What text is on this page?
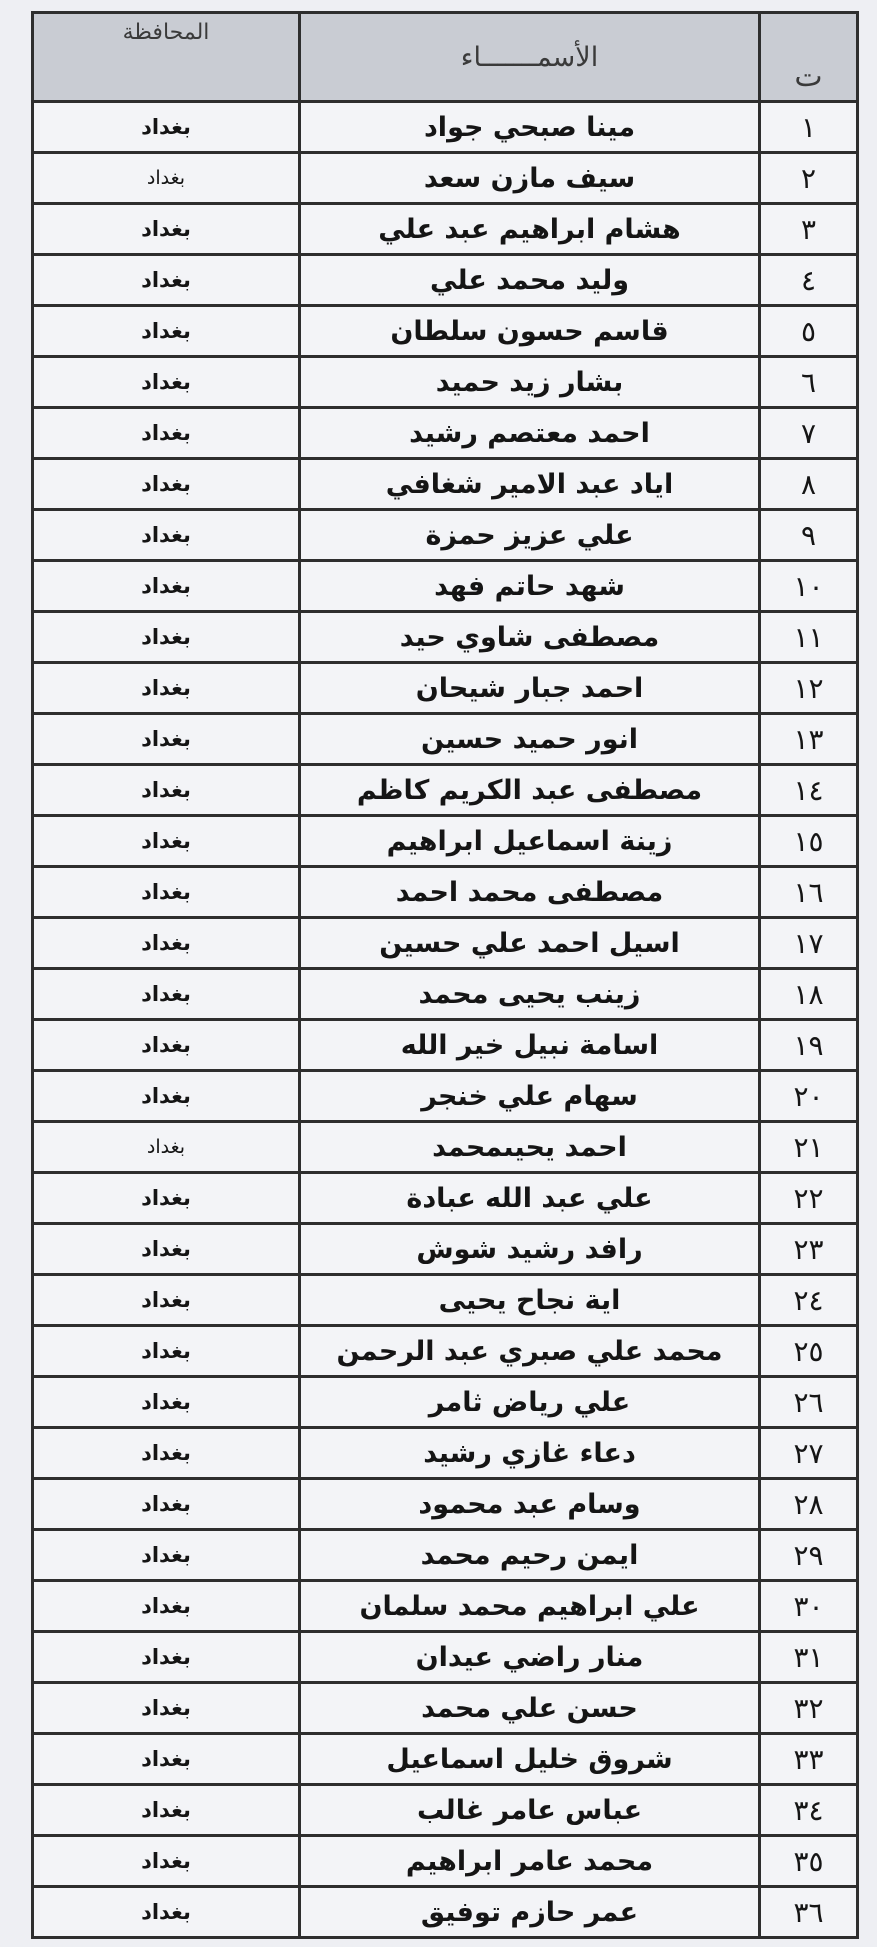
ت	الأسمـــــــاء	المحافظة
١	مينا صبحي جواد	بغداد
٢	سيف مازن سعد	بغداد
٣	هشام ابراهيم عبد علي	بغداد
٤	وليد محمد علي	بغداد
٥	قاسم حسون سلطان	بغداد
٦	بشار زيد حميد	بغداد
٧	احمد معتصم رشيد	بغداد
٨	اياد عبد الامير شغافي	بغداد
٩	علي عزيز حمزة	بغداد
١٠	شهد حاتم فهد	بغداد
١١	مصطفى شاوي حيد	بغداد
١٢	احمد جبار شيحان	بغداد
١٣	انور حميد حسين	بغداد
١٤	مصطفى عبد الكريم كاظم	بغداد
١٥	زينة اسماعيل ابراهيم	بغداد
١٦	مصطفى محمد احمد	بغداد
١٧	اسيل احمد علي حسين	بغداد
١٨	زينب يحيى محمد	بغداد
١٩	اسامة نبيل خير الله	بغداد
٢٠	سهام علي خنجر	بغداد
٢١	احمد يحيىمحمد	بغداد
٢٢	علي عبد الله عبادة	بغداد
٢٣	رافد رشيد شوش	بغداد
٢٤	اية نجاح يحيى	بغداد
٢٥	محمد علي صبري عبد الرحمن	بغداد
٢٦	علي رياض ثامر	بغداد
٢٧	دعاء غازي رشيد	بغداد
٢٨	وسام عبد محمود	بغداد
٢٩	ايمن رحيم محمد	بغداد
٣٠	علي ابراهيم محمد سلمان	بغداد
٣١	منار راضي عيدان	بغداد
٣٢	حسن علي محمد	بغداد
٣٣	شروق خليل اسماعيل	بغداد
٣٤	عباس عامر غالب	بغداد
٣٥	محمد عامر ابراهيم	بغداد
٣٦	عمر حازم توفيق	بغداد
